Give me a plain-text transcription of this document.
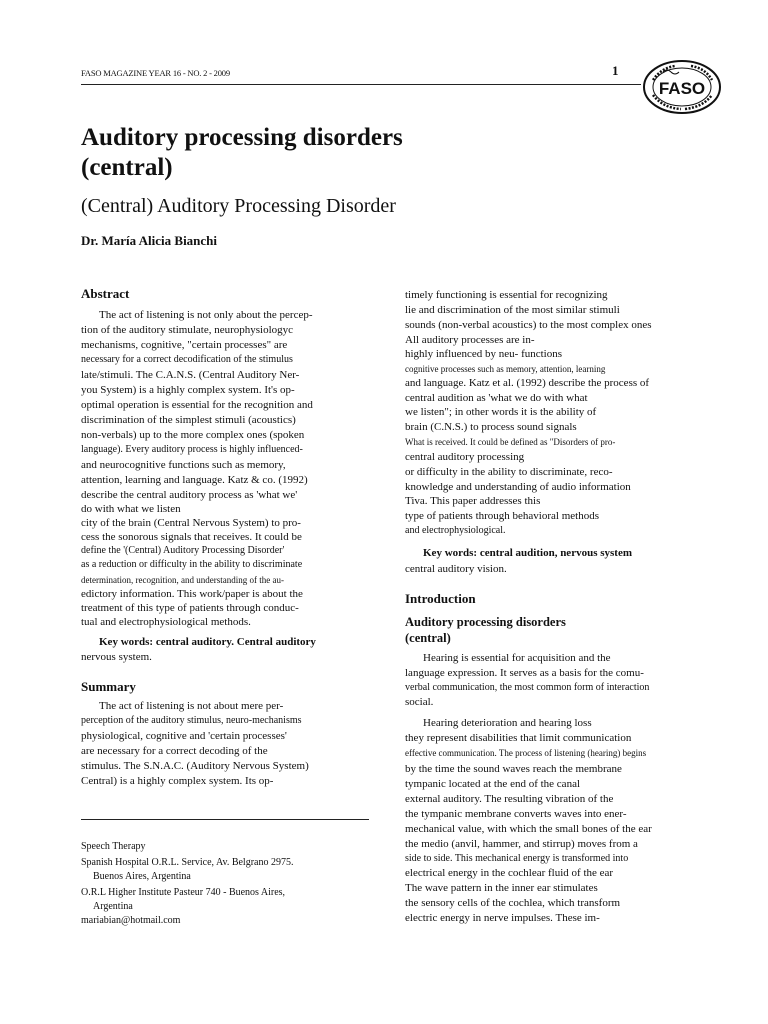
FASO MAGAZINE YEAR 16 - NO. 2 - 2009	1
FASO
Auditory processing disorders
(central)
(Central) Auditory Processing Disorder
Dr. María Alicia Bianchi
Abstract
The act of listening is not only about the percep-
tion of the auditory stimulate, neurophysiologyc
mechanisms, cognitive, "certain processes" are
necessary for a correct decodification of the stimulus
late/stimuli. The C.A.N.S. (Central Auditory Ner-
you System) is a highly complex system. It's op-
optimal operation is essential for the recognition and
discrimination of the simplest stimuli (acoustics)
non-verbals) up to the more complex ones (spoken
language). Every auditory process is highly influenced-
and neurocognitive functions such as memory,
attention, learning and language. Katz & co. (1992)
describe the central auditory process as 'what we'
do with what we listen
city of the brain (Central Nervous System) to pro-
cess the sonorous signals that receives. It could be
define the '(Central) Auditory Processing Disorder'
as a reduction or difficulty in the ability to discriminate
determination, recognition, and understanding of the au-
edictory information. This work/paper is about the
treatment of this type of patients through conduc-
tual and electrophysiological methods.
Key words: central auditory. Central auditory
nervous system.
Summary
The act of listening is not about mere per-
perception of the auditory stimulus, neuro-mechanisms
physiological, cognitive and 'certain processes'
are necessary for a correct decoding of the
stimulus. The S.N.A.C. (Auditory Nervous System)
Central) is a highly complex system. Its op-
Speech Therapy
Spanish Hospital O.R.L. Service, Av. Belgrano 2975.
Buenos Aires, Argentina
O.R.L Higher Institute Pasteur 740 - Buenos Aires,
Argentina
mariabian@hotmail.com
timely functioning is essential for recognizing
lie and discrimination of the most similar stimuli
sounds (non-verbal acoustics) to the most complex ones
All auditory processes are in-
highly influenced by neu- functions
cognitive processes such as memory, attention, learning
and language. Katz et al. (1992) describe the process of
central audition as 'what we do with what
we listen"; in other words it is the ability of
brain (C.N.S.) to process sound signals
What is received. It could be defined as "Disorders of pro-
central auditory processing
or difficulty in the ability to discriminate, reco-
knowledge and understanding of audio information
Tiva. This paper addresses this
type of patients through behavioral methods
and electrophysiological.
Key words: central audition, nervous system
central auditory vision.
Introduction
Auditory processing disorders
(central)
Hearing is essential for acquisition and the
language expression. It serves as a basis for the comu-
verbal communication, the most common form of interaction
social.
Hearing deterioration and hearing loss
they represent disabilities that limit communication
effective communication. The process of listening (hearing) begins
by the time the sound waves reach the membrane
tympanic located at the end of the canal
external auditory. The resulting vibration of the
the tympanic membrane converts waves into ener-
mechanical value, with which the small bones of the ear
the medio (anvil, hammer, and stirrup) moves from a
side to side. This mechanical energy is transformed into
electrical energy in the cochlear fluid of the ear
The wave pattern in the inner ear stimulates
the sensory cells of the cochlea, which transform
electric energy in nerve impulses. These im-
